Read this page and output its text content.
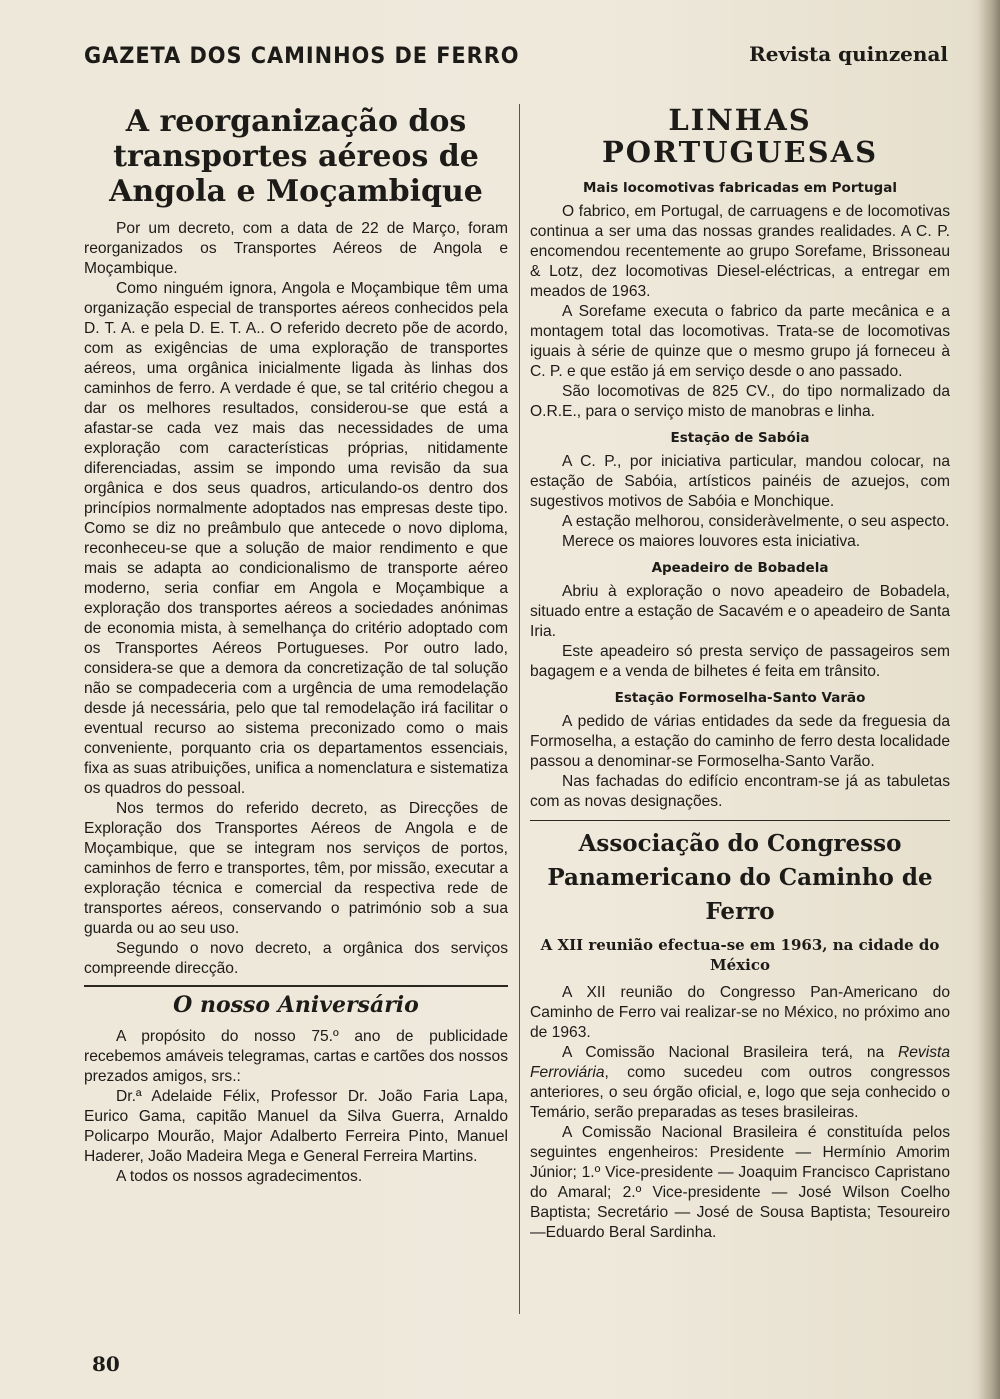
GAZETA DOS CAMINHOS DE FERRO	Revista quinzenal
A reorganização dos transportes aéreos de Angola e Moçambique

Por um decreto, com a data de 22 de Março, foram reorganizados os Transportes Aéreos de Angola e Moçambique.

Como ninguém ignora, Angola e Moçambique têm uma organização especial de transportes aéreos conhecidos pela D. T. A. e pela D. E. T. A.. O referido decreto põe de acordo, com as exigências de uma exploração de transportes aéreos, uma orgânica inicialmente ligada às linhas dos caminhos de ferro. A verdade é que, se tal critério chegou a dar os melhores resultados, considerou-se que está a afastar-se cada vez mais das necessidades de uma exploração com características próprias, nitidamente diferenciadas, assim se impondo uma revisão da sua orgânica e dos seus quadros, articulando-os dentro dos princípios normalmente adoptados nas empresas deste tipo. Como se diz no preâmbulo que antecede o novo diploma, reconheceu-se que a solução de maior rendimento e que mais se adapta ao condicionalismo de transporte aéreo moderno, seria confiar em Angola e Moçambique a exploração dos transportes aéreos a sociedades anónimas de economia mista, à semelhança do critério adoptado com os Transportes Aéreos Portugueses. Por outro lado, considera-se que a demora da concretização de tal solução não se compadeceria com a urgência de uma remodelação desde já necessária, pelo que tal remodelação irá facilitar o eventual recurso ao sistema preconizado como o mais conveniente, porquanto cria os departamentos essenciais, fixa as suas atribuições, unifica a nomenclatura e sistematiza os quadros do pessoal.

Nos termos do referido decreto, as Direcções de Exploração dos Transportes Aéreos de Angola e de Moçambique, que se integram nos serviços de portos, caminhos de ferro e transportes, têm, por missão, executar a exploração técnica e comercial da respectiva rede de transportes aéreos, conservando o património sob a sua guarda ou ao seu uso.

Segundo o novo decreto, a orgânica dos serviços compreende direcção.

O nosso Aniversário

A propósito do nosso 75.º ano de publicidade recebemos amáveis telegramas, cartas e cartões dos nossos prezados amigos, srs.:

Dr.ª Adelaide Félix, Professor Dr. João Faria Lapa, Eurico Gama, capitão Manuel da Silva Guerra, Arnaldo Policarpo Mourão, Major Adalberto Ferreira Pinto, Manuel Haderer, João Madeira Mega e General Ferreira Martins.

A todos os nossos agradecimentos.

LINHAS PORTUGUESAS
Mais locomotivas fabricadas em Portugal

O fabrico, em Portugal, de carruagens e de locomotivas continua a ser uma das nossas grandes realidades. A C. P. encomendou recentemente ao grupo Sorefame, Brissoneau & Lotz, dez locomotivas Diesel-eléctricas, a entregar em meados de 1963.

A Sorefame executa o fabrico da parte mecânica e a montagem total das locomotivas. Trata-se de locomotivas iguais à série de quinze que o mesmo grupo já forneceu à C. P. e que estão já em serviço desde o ano passado.

São locomotivas de 825 CV., do tipo normalizado da O.R.E., para o serviço misto de manobras e linha.

Estação de Sabóia

A C. P., por iniciativa particular, mandou colocar, na estação de Sabóia, artísticos painéis de azuejos, com sugestivos motivos de Sabóia e Monchique.

A estação melhorou, consideràvelmente, o seu aspecto.

Merece os maiores louvores esta iniciativa.

Apeadeiro de Bobadela

Abriu à exploração o novo apeadeiro de Bobadela, situado entre a estação de Sacavém e o apeadeiro de Santa Iria.

Este apeadeiro só presta serviço de passageiros sem bagagem e a venda de bilhetes é feita em trânsito.

Estação Formoselha-Santo Varão

A pedido de várias entidades da sede da freguesia da Formoselha, a estação do caminho de ferro desta localidade passou a denominar-se Formoselha-Santo Varão.

Nas fachadas do edifício encontram-se já as tabuletas com as novas designações.

Associação do Congresso Panamericano do Caminho de Ferro
A XII reunião efectua-se em 1963, na cidade do México

A XII reunião do Congresso Pan-Americano do Caminho de Ferro vai realizar-se no México, no próximo ano de 1963.

A Comissão Nacional Brasileira terá, na Revista Ferroviária, como sucedeu com outros congressos anteriores, o seu órgão oficial, e, logo que seja conhecido o Temário, serão preparadas as teses brasileiras.

A Comissão Nacional Brasileira é constituída pelos seguintes engenheiros: Presidente — Hermínio Amorim Júnior; 1.º Vice-presidente — Joaquim Francisco Capristano do Amaral; 2.º Vice-presidente — José Wilson Coelho Baptista; Secretário — José de Sousa Baptista; Tesoureiro—Eduardo Beral Sardinha.

80
